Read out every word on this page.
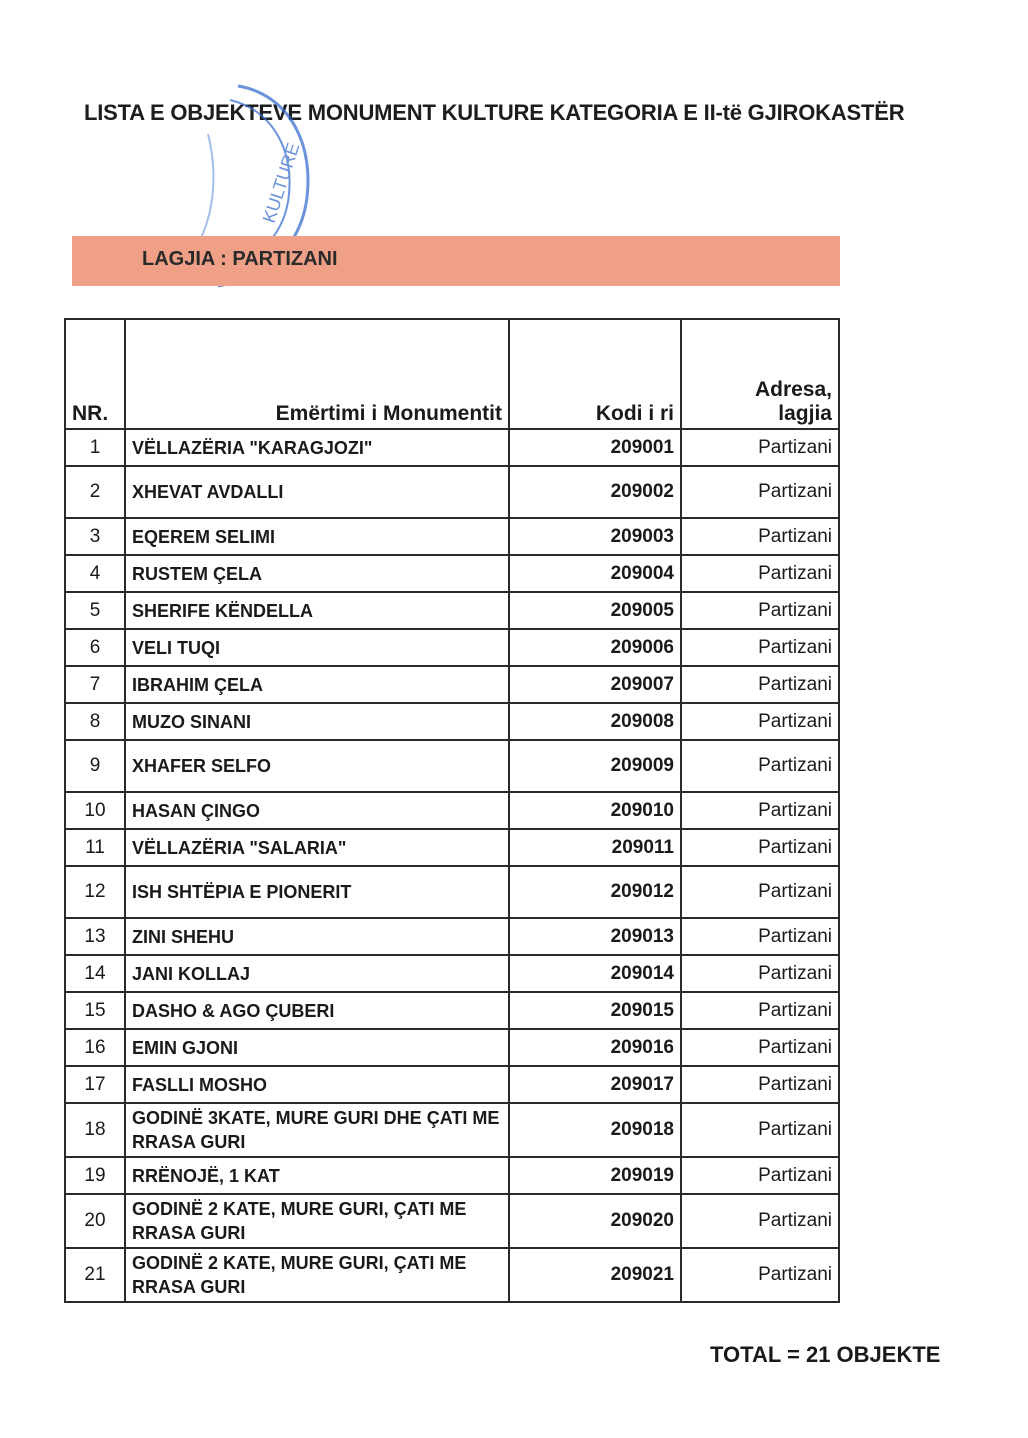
LISTA E OBJEKTEVE MONUMENT KULTURE KATEGORIA E II-të GJIROKASTËR
KULTURE
LAGJIA : PARTIZANI
NR.	Emërtimi i Monumentit	Kodi i ri	Adresa,
lagjia

1	VËLLAZËRIA "KARAGJOZI"	209001	Partizani
2	XHEVAT AVDALLI	209002	Partizani
3	EQEREM SELIMI	209003	Partizani
4	RUSTEM ÇELA	209004	Partizani
5	SHERIFE KËNDELLA	209005	Partizani
6	VELI TUQI	209006	Partizani
7	IBRAHIM ÇELA	209007	Partizani
8	MUZO SINANI	209008	Partizani
9	XHAFER SELFO	209009	Partizani
10	HASAN ÇINGO	209010	Partizani
11	VËLLAZËRIA "SALARIA"	209011	Partizani
12	ISH SHTËPIA E PIONERIT	209012	Partizani
13	ZINI SHEHU	209013	Partizani
14	JANI KOLLAJ	209014	Partizani
15	DASHO & AGO ÇUBERI	209015	Partizani
16	EMIN GJONI	209016	Partizani
17	FASLLI MOSHO	209017	Partizani
18	GODINË 3KATE, MURE GURI DHE ÇATI ME RRASA GURI	209018	Partizani
19	RRËNOJË, 1 KAT	209019	Partizani
20	GODINË 2 KATE, MURE GURI, ÇATI ME RRASA GURI	209020	Partizani
21	GODINË 2 KATE, MURE GURI, ÇATI ME RRASA GURI	209021	Partizani
TOTAL = 21 OBJEKTE
